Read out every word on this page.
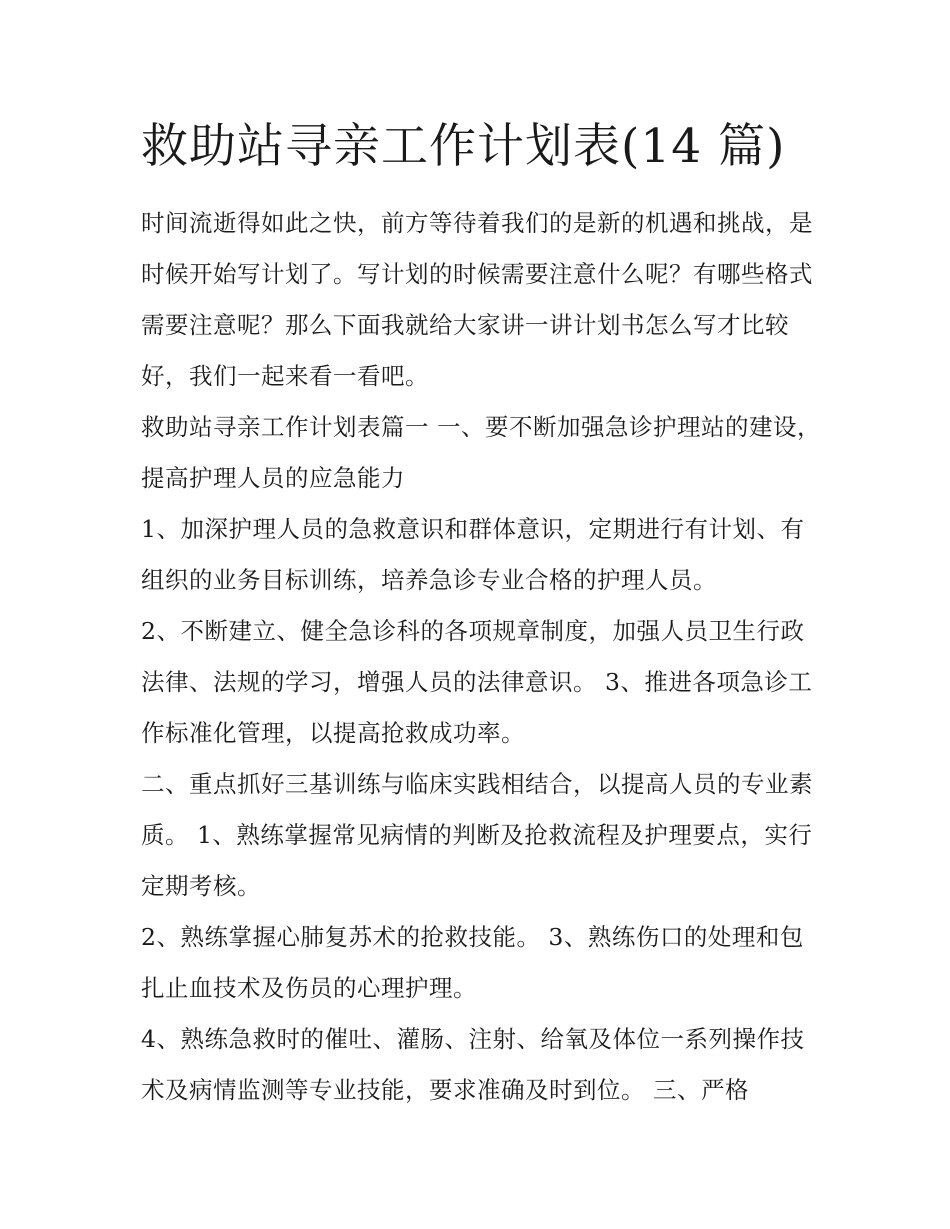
救助站寻亲工作计划表(14 篇)

时间流逝得如此之快，前方等待着我们的是新的机遇和挑战，是时候开始写计划了。写计划的时候需要注意什么呢？有哪些格式需要注意呢？那么下面我就给大家讲一讲计划书怎么写才比较好，我们一起来看一看吧。

救助站寻亲工作计划表篇一 一、要不断加强急诊护理站的建设，提高护理人员的应急能力

1、加深护理人员的急救意识和群体意识，定期进行有计划、有组织的业务目标训练，培养急诊专业合格的护理人员。

2、不断建立、健全急诊科的各项规章制度，加强人员卫生行政法律、法规的学习，增强人员的法律意识。 3、推进各项急诊工作标准化管理，以提高抢救成功率。

二、重点抓好三基训练与临床实践相结合，以提高人员的专业素质。 1、熟练掌握常见病情的判断及抢救流程及护理要点，实行定期考核。

2、熟练掌握心肺复苏术的抢救技能。 3、熟练伤口的处理和包扎止血技术及伤员的心理护理。

4、熟练急救时的催吐、灌肠、注射、给氧及体位一系列操作技术及病情监测等专业技能，要求准确及时到位。 三、严格
